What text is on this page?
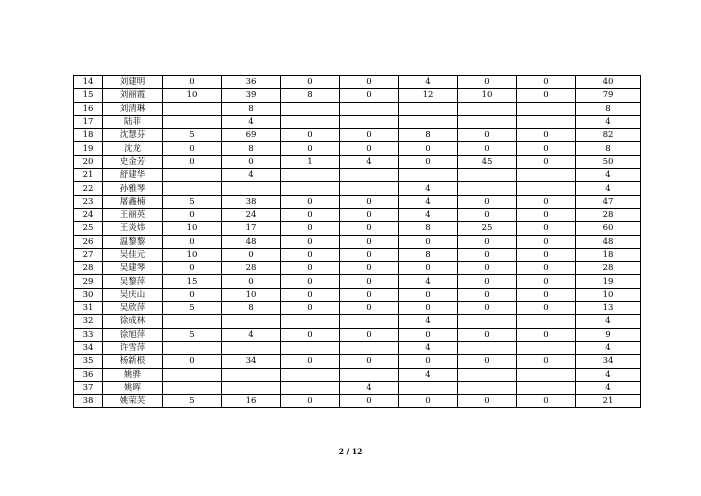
14	刘建明	0	36	0	0	4	0	0	40
15	刘丽霞	10	39	8	0	12	10	0	79
16	刘清琳		8						8
17	陆菲		4						4
18	沈慧芬	5	69	0	0	8	0	0	82
19	沈龙	0	8	0	0	0	0	0	8
20	史金芳	0	0	1	4	0	45	0	50
21	舒建华		4						4
22	孙雅琴					4			4
23	屠鑫楠	5	38	0	0	4	0	0	47
24	王丽英	0	24	0	0	4	0	0	28
25	王炎炜	10	17	0	0	8	25	0	60
26	温黎黎	0	48	0	0	0	0	0	48
27	吴佳元	10	0	0	0	8	0	0	18
28	吴建琴	0	28	0	0	0	0	0	28
29	吴黎萍	15	0	0	0	4	0	0	19
30	吴庆山	0	10	0	0	0	0	0	10
31	吴欣萍	5	8	0	0	0	0	0	13
32	徐成林					4			4
33	徐旭萍	5	4	0	0	0	0	0	9
34	许雪萍					4			4
35	杨新根	0	34	0	0	0	0	0	34
36	姚骅					4			4
37	姚晖				4				4
38	姚荣芙	5	16	0	0	0	0	0	21
2 / 12
